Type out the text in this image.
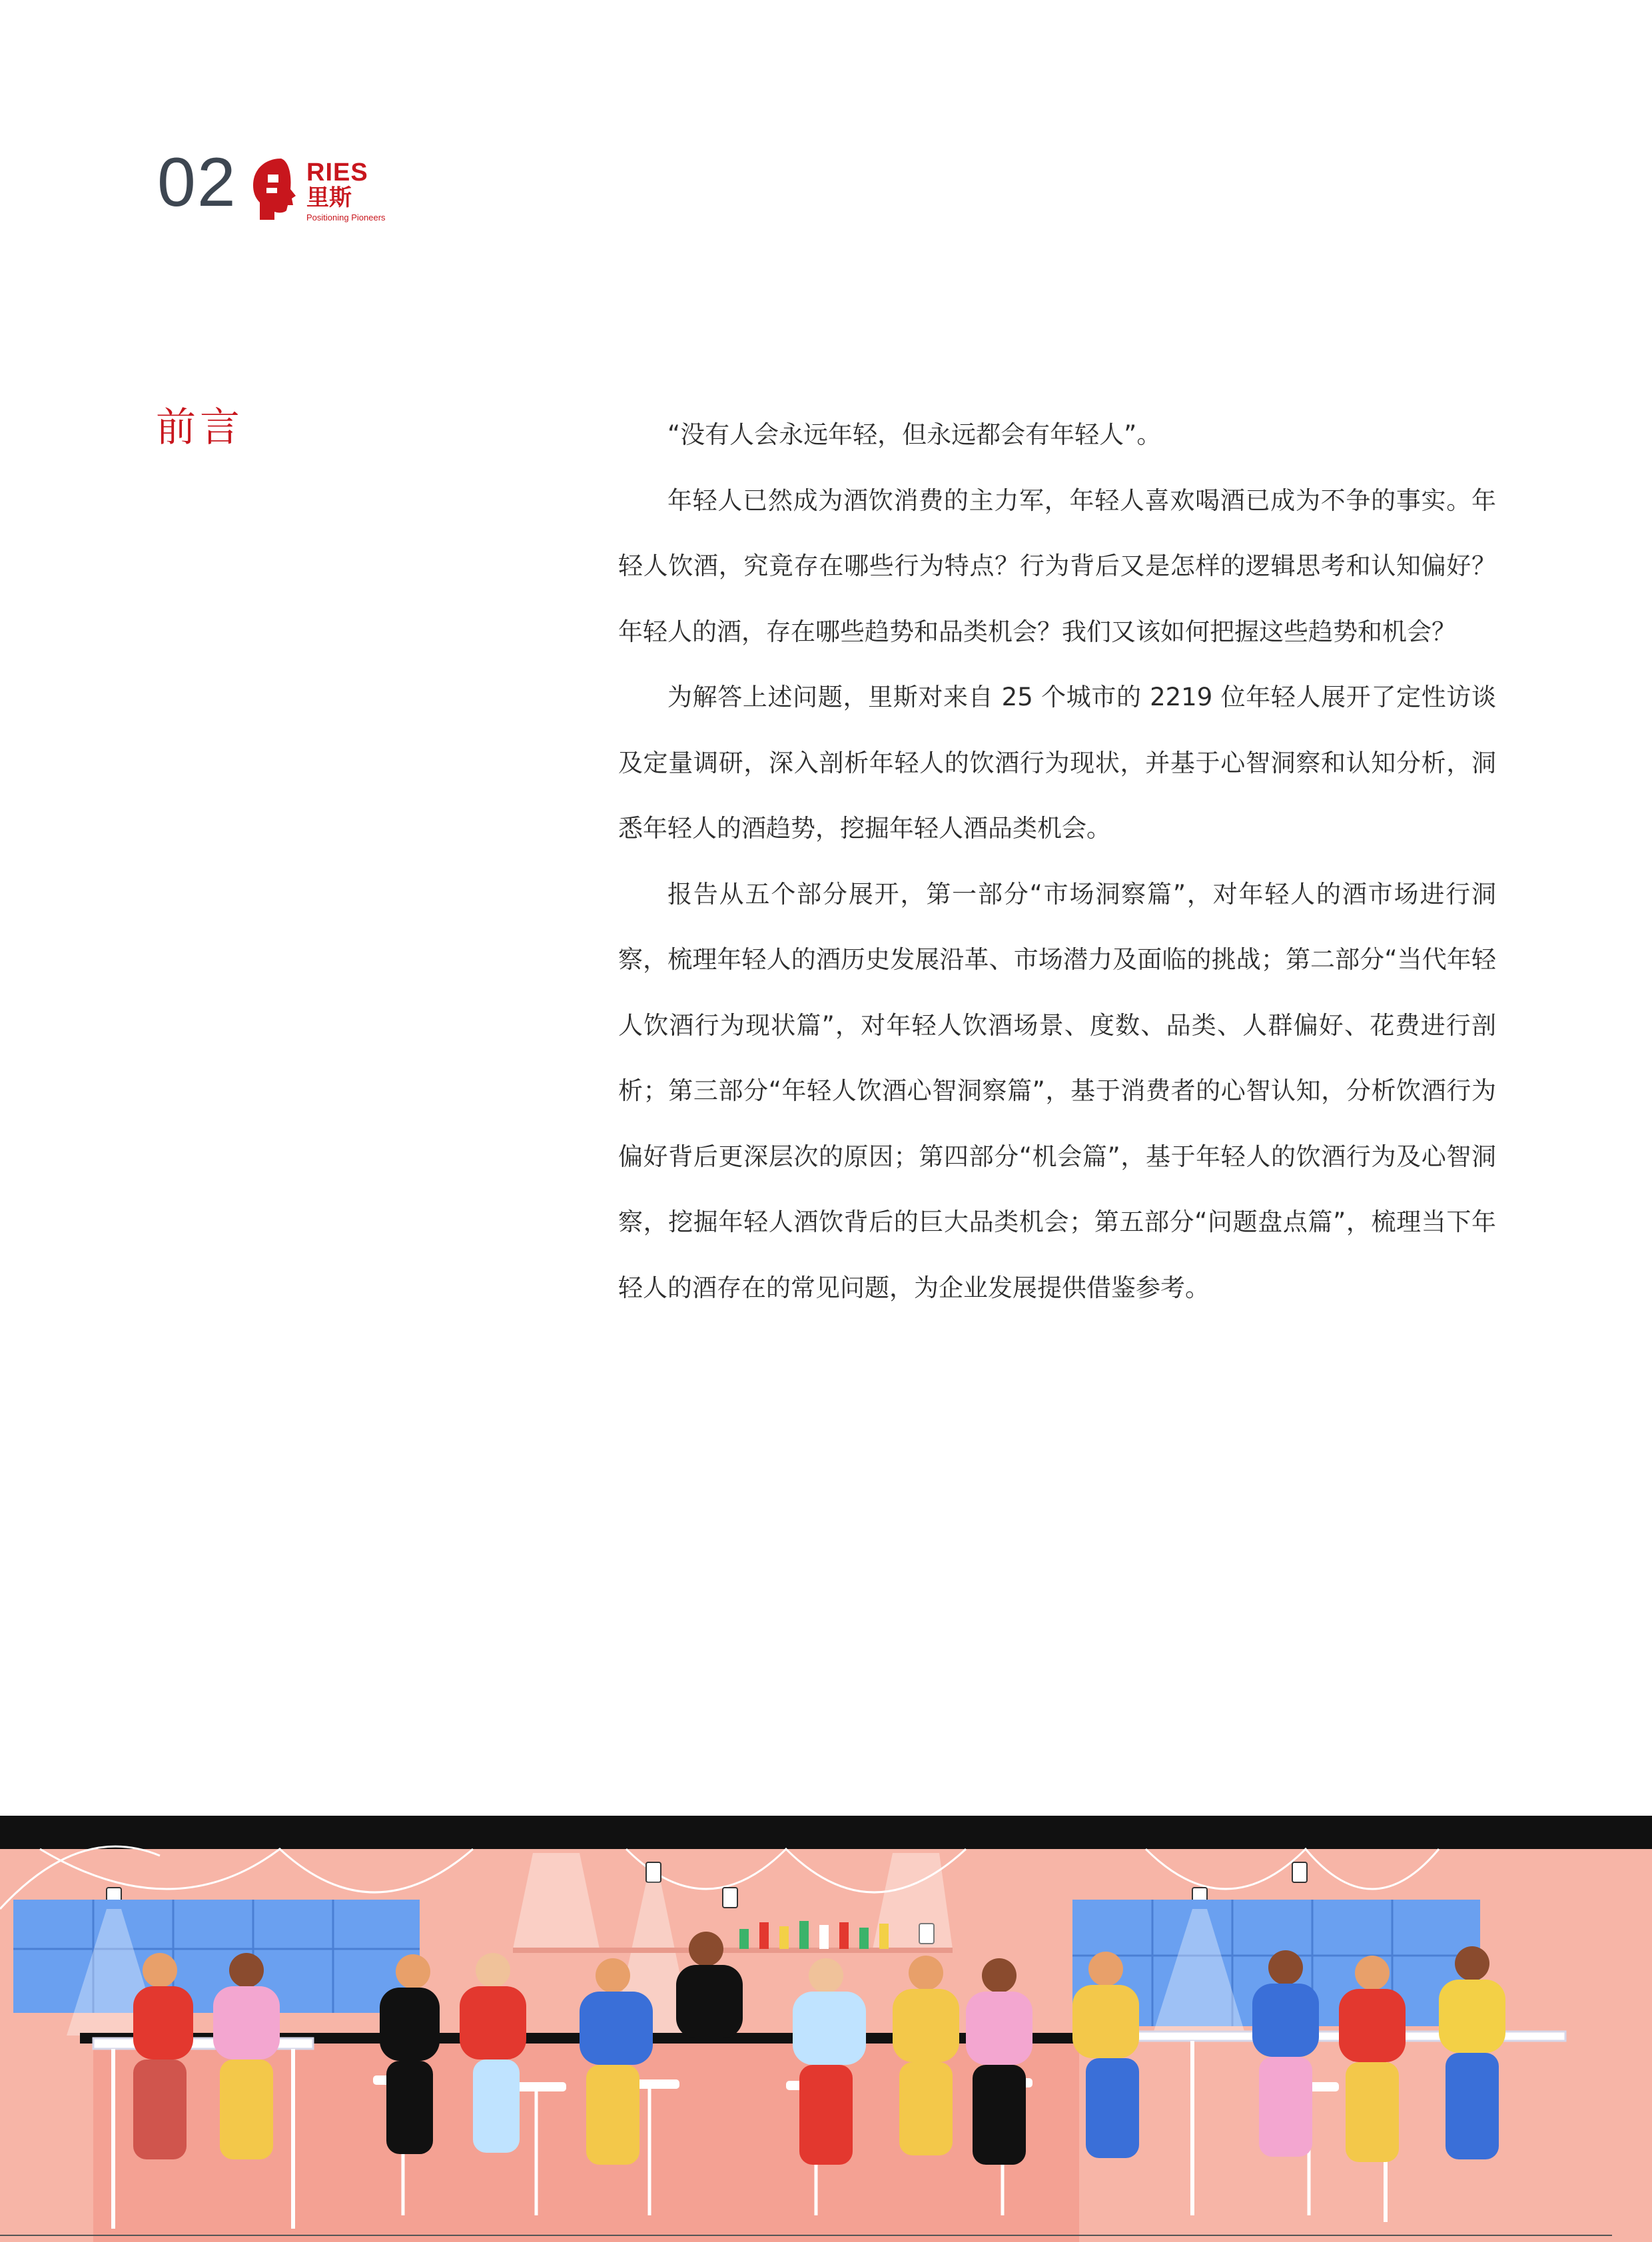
02	RIES
里斯
Positioning Pioneers
前言	“没有人会永远年轻，但永远都会有年轻人”。

年轻人已然成为酒饮消费的主力军，年轻人喜欢喝酒已成为不争的事实。年轻人饮酒，究竟存在哪些行为特点？行为背后又是怎样的逻辑思考和认知偏好？年轻人的酒，存在哪些趋势和品类机会？我们又该如何把握这些趋势和机会？

为解答上述问题，里斯对来自 25 个城市的 2219 位年轻人展开了定性访谈及定量调研，深入剖析年轻人的饮酒行为现状，并基于心智洞察和认知分析，洞悉年轻人的酒趋势，挖掘年轻人酒品类机会。

报告从五个部分展开，第一部分“市场洞察篇”，对年轻人的酒市场进行洞察，梳理年轻人的酒历史发展沿革、市场潜力及面临的挑战；第二部分“当代年轻人饮酒行为现状篇”，对年轻人饮酒场景、度数、品类、人群偏好、花费进行剖析；第三部分“年轻人饮酒心智洞察篇”，基于消费者的心智认知，分析饮酒行为偏好背后更深层次的原因；第四部分“机会篇”，基于年轻人的饮酒行为及心智洞察，挖掘年轻人酒饮背后的巨大品类机会；第五部分“问题盘点篇”，梳理当下年轻人的酒存在的常见问题，为企业发展提供借鉴参考。
